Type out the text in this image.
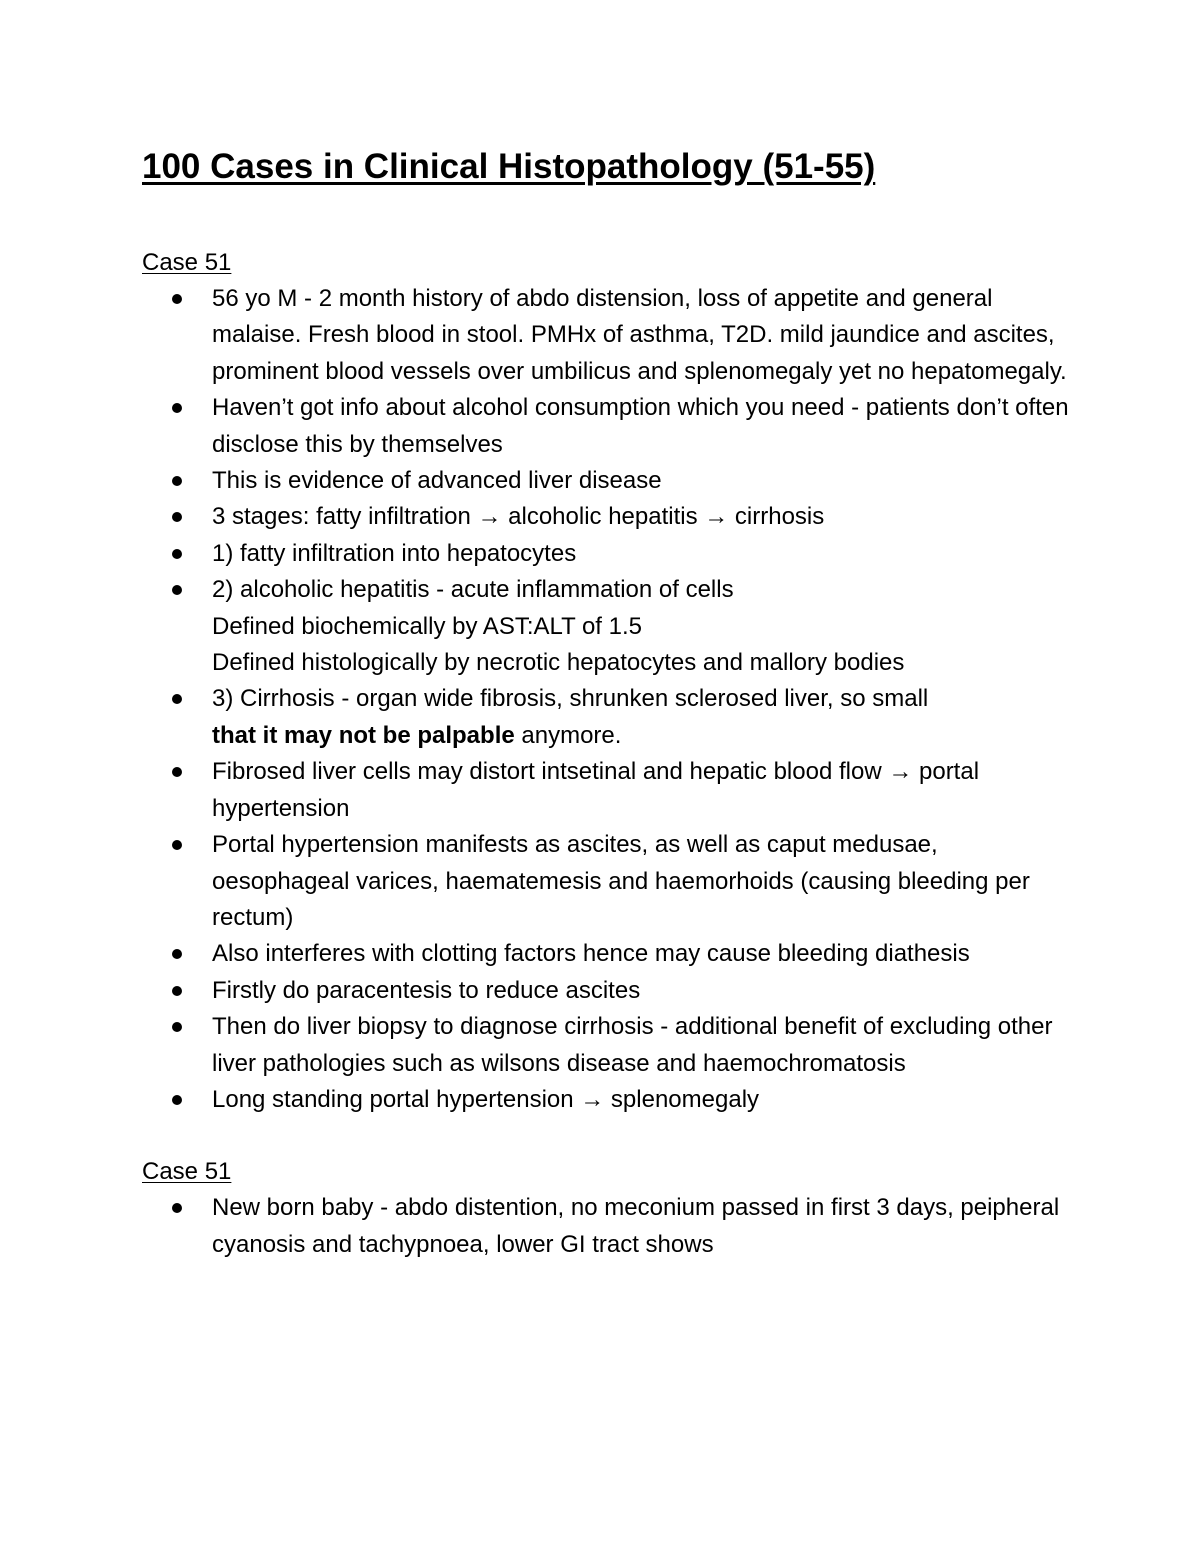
100 Cases in Clinical Histopathology (51-55)
Case 51
56 yo M - 2 month history of abdo distension, loss of appetite and general malaise. Fresh blood in stool. PMHx of asthma, T2D. mild jaundice and ascites, prominent blood vessels over umbilicus and splenomegaly yet no hepatomegaly.
Haven’t got info about alcohol consumption which you need - patients don’t often disclose this by themselves
This is evidence of advanced liver disease
3 stages: fatty infiltration → alcoholic hepatitis → cirrhosis
1) fatty infiltration into hepatocytes
2) alcoholic hepatitis - acute inflammation of cells
Defined biochemically by AST:ALT of 1.5
Defined histologically by necrotic hepatocytes and mallory bodies
3) Cirrhosis - organ wide fibrosis, shrunken sclerosed liver, so small
that it may not be palpable anymore.
Fibrosed liver cells may distort intsetinal and hepatic blood flow → portal hypertension
Portal hypertension manifests as ascites, as well as caput medusae, oesophageal varices, haematemesis and haemorhoids (causing bleeding per rectum)
Also interferes with clotting factors hence may cause bleeding diathesis
Firstly do paracentesis to reduce ascites
Then do liver biopsy to diagnose cirrhosis - additional benefit of excluding other liver pathologies such as wilsons disease and haemochromatosis
Long standing portal hypertension → splenomegaly
Case 51
New born baby - abdo distention, no meconium passed in first 3 days, peipheral cyanosis and tachypnoea, lower GI tract shows
